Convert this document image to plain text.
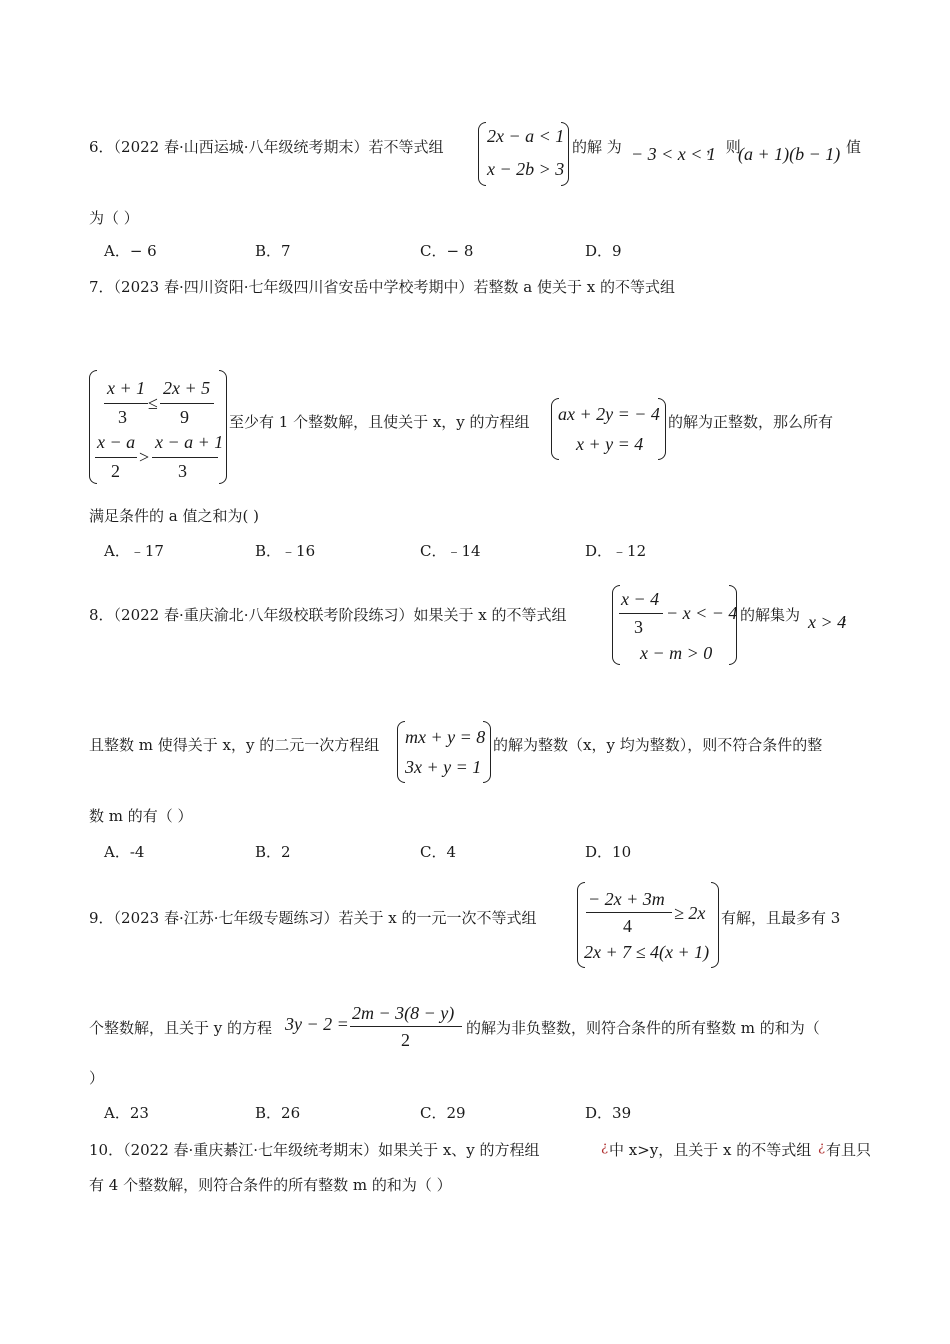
6．（2022 春·山西运城·八年级统考期末）若不等式组
2x − a < 1
x − 2b > 3
的解 为 − 3 < x < 1
， 则
(a + 1)(b − 1) 值
为（ ）
A．− 6	B．7	C．− 8	D．9
7．（2023 春·四川资阳·七年级四川省安岳中学校考期中）若整数 a 使关于 x 的不等式组
x + 1
3
≤
2x + 5
9
x − a
2
>
x − a + 1
3
至少有 1 个整数解，且使关于 x，y 的方程组 ax + 2y = − 4
x + y = 4
的解为正整数，那么所有
满足条件的 a 值之和为( )
A．﹣17	B．﹣16	C．﹣14	D．﹣12
8．（2022 春·重庆渝北·八年级校联考阶段练习）如果关于 x 的不等式组
x − 4
3
− x < − 4
x − m > 0
的解集为 x > 4
，
且整数 m 使得关于 x，y 的二元一次方程组 mx + y = 8
3x + y = 1
的解为整数（x，y 均为整数），则不符合条件的整
数 m 的有（ ）
A．-4	B．2	C．4	D．10
9．（2023 春·江苏·七年级专题练习）若关于 x 的一元一次不等式组
− 2x + 3m
4
≥ 2x
2x + 7 ≤ 4(x + 1)
有解，且最多有 3
个整数解，且关于 y 的方程 3y − 2 =
2m − 3(8 − y)
2
的解为非负整数，则符合条件的所有整数 m 的和为（
）
A．23	B．26	C．29	D．39
10．（2022 春·重庆綦江·七年级统考期末）如果关于 x、y 的方程组	¿ 中 x>y，且关于 x 的不等式组 ¿ 有且只
有 4 个整数解，则符合条件的所有整数 m 的和为（ ）
